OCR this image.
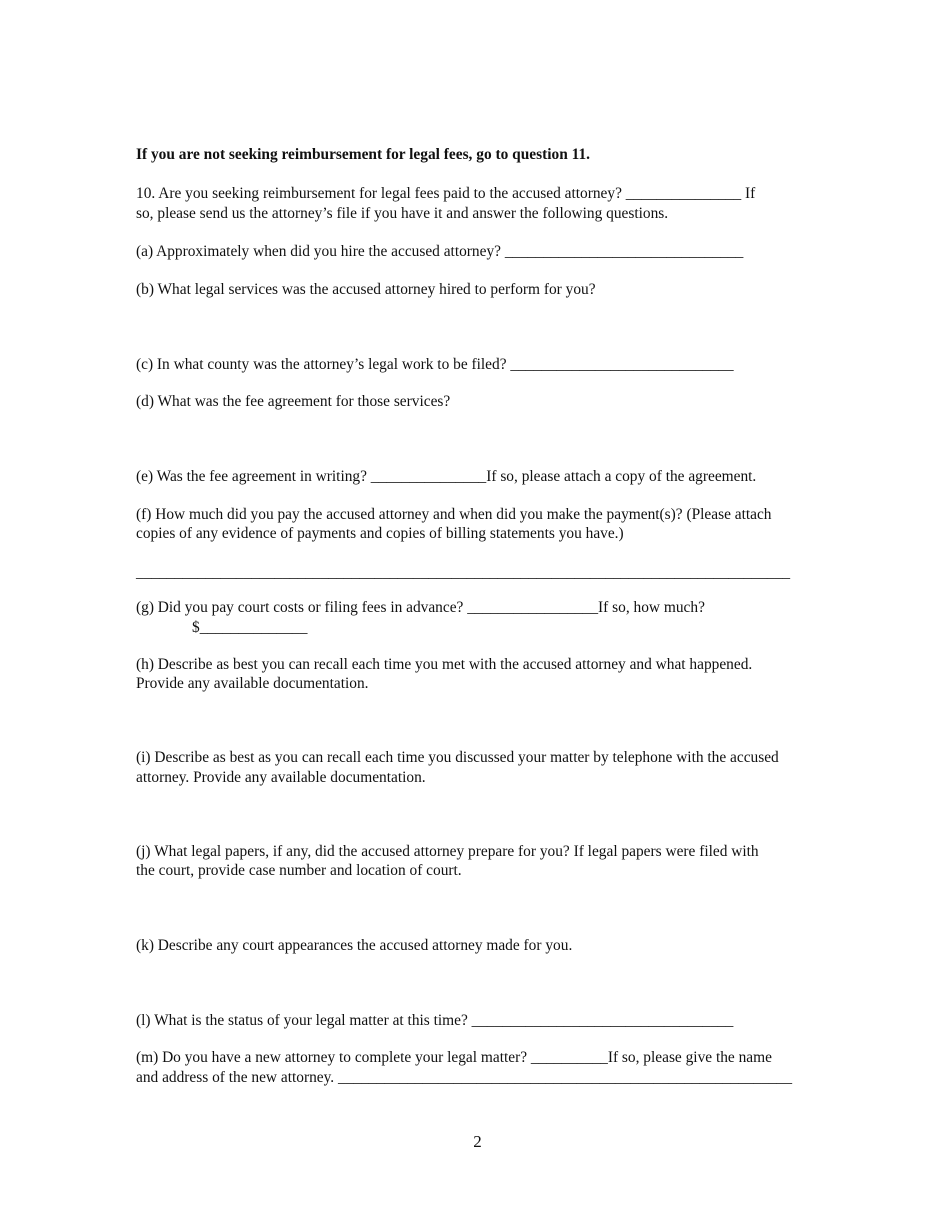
If you are not seeking reimbursement for legal fees, go to question 11.
10. Are you seeking reimbursement for legal fees paid to the accused attorney? _______________ If
so, please send us the attorney’s file if you have it and answer the following questions.
(a) Approximately when did you hire the accused attorney? _______________________________
(b) What legal services was the accused attorney hired to perform for you?
(c) In what county was the attorney’s legal work to be filed? _____________________________
(d) What was the fee agreement for those services?
(e) Was the fee agreement in writing? _______________If so, please attach a copy of the agreement.
(f) How much did you pay the accused attorney and when did you make the payment(s)? (Please attach
copies of any evidence of payments and copies of billing statements you have.)
_____________________________________________________________________________________
(g) Did you pay court costs or filing fees in advance? _________________If so, how much?
$______________
(h) Describe as best you can recall each time you met with the accused attorney and what happened.
Provide any available documentation.
(i) Describe as best as you can recall each time you discussed your matter by telephone with the accused
attorney. Provide any available documentation.
(j) What legal papers, if any, did the accused attorney prepare for you? If legal papers were filed with
the court, provide case number and location of court.
(k) Describe any court appearances the accused attorney made for you.
(l) What is the status of your legal matter at this time? __________________________________
(m) Do you have a new attorney to complete your legal matter? __________If so, please give the name
and address of the new attorney. ___________________________________________________________
2
